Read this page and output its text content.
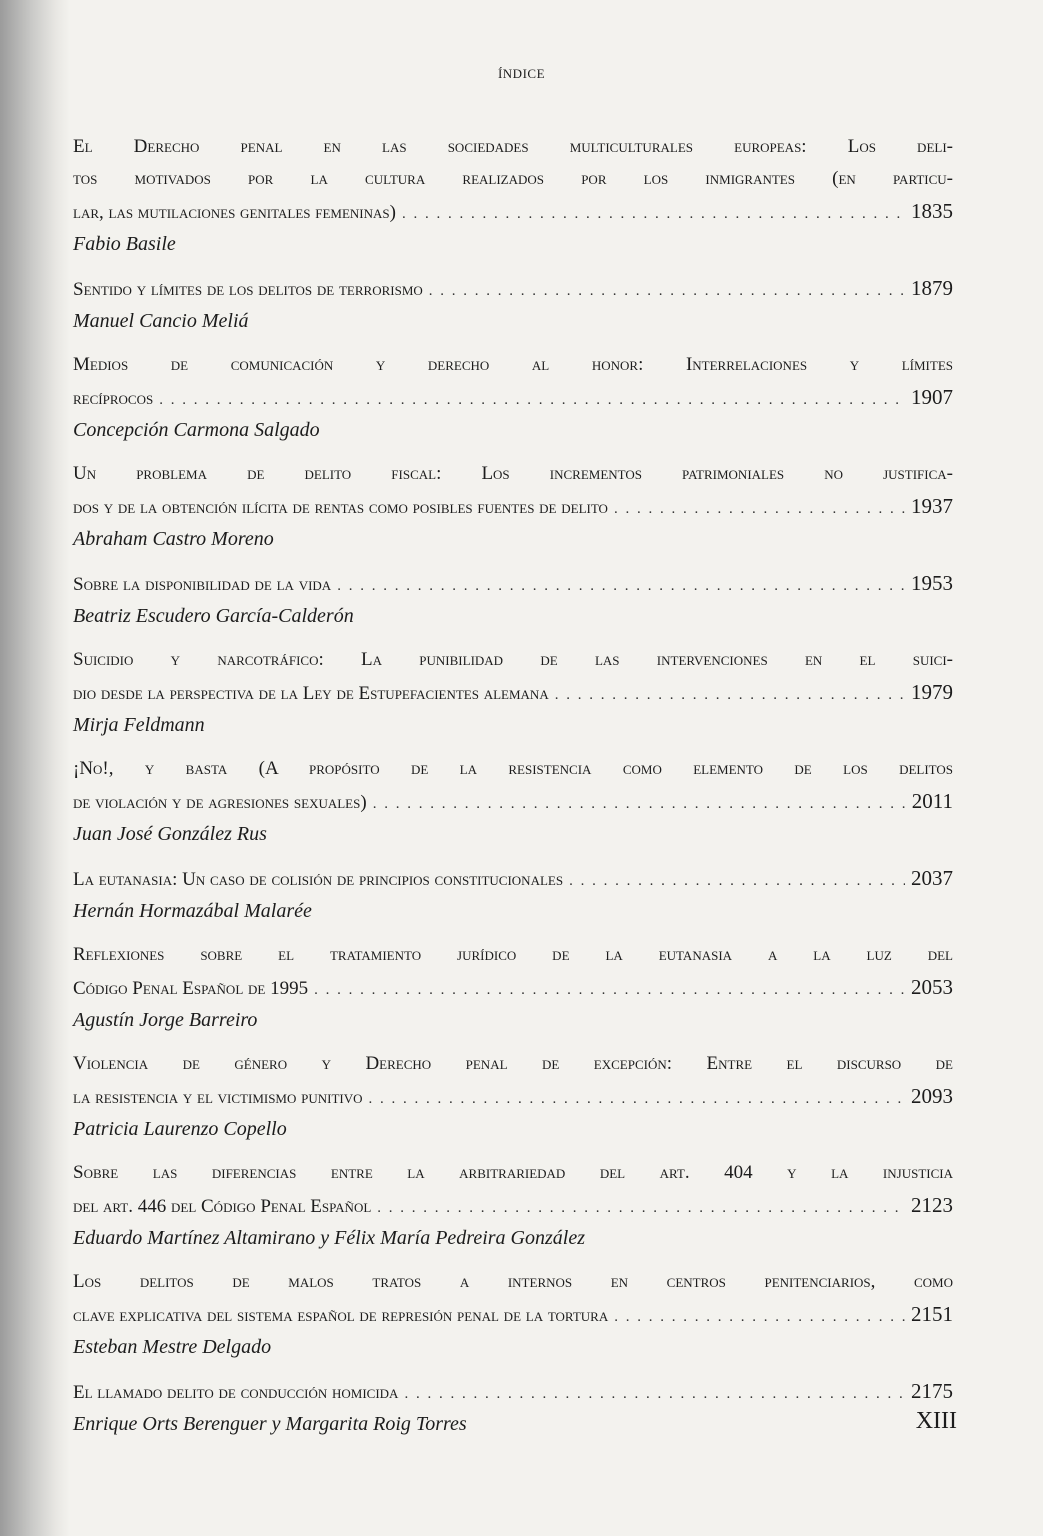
ÍNDICE
El Derecho penal en las sociedades multiculturales europeas: Los deli-
tos motivados por la cultura realizados por los inmigrantes (en particu-
lar, las mutilaciones genitales femeninas) . . .	1835
Fabio Basile
Sentido y límites de los delitos de terrorismo . . .	1879
Manuel Cancio Meliá
Medios de comunicación y derecho al honor: Interrelaciones y límites
recíprocos . . .	1907
Concepción Carmona Salgado
Un problema de delito fiscal: Los incrementos patrimoniales no justifica-
dos y de la obtención ilícita de rentas como posibles fuentes de delito . . .	1937
Abraham Castro Moreno
Sobre la disponibilidad de la vida . . .	1953
Beatriz Escudero García-Calderón
Suicidio y narcotráfico: La punibilidad de las intervenciones en el suici-
dio desde la perspectiva de la Ley de Estupefacientes alemana . . .	1979
Mirja Feldmann
¡No!, y basta (A propósito de la resistencia como elemento de los delitos
de violación y de agresiones sexuales) . . .	2011
Juan José González Rus
La eutanasia: Un caso de colisión de principios constitucionales . . .	2037
Hernán Hormazábal Malarée
Reflexiones sobre el tratamiento jurídico de la eutanasia a la luz del
Código Penal Español de 1995 . . .	2053
Agustín Jorge Barreiro
Violencia de género y Derecho penal de excepción: Entre el discurso de
la resistencia y el victimismo punitivo . . .	2093
Patricia Laurenzo Copello
Sobre las diferencias entre la arbitrariedad del art. 404 y la injusticia
del art. 446 del Código Penal Español . . .	2123
Eduardo Martínez Altamirano y Félix María Pedreira González
Los delitos de malos tratos a internos en centros penitenciarios, como
clave explicativa del sistema español de represión penal de la tortura . . .	2151
Esteban Mestre Delgado
El llamado delito de conducción homicida . . .	2175
Enrique Orts Berenguer y Margarita Roig Torres	XIII
